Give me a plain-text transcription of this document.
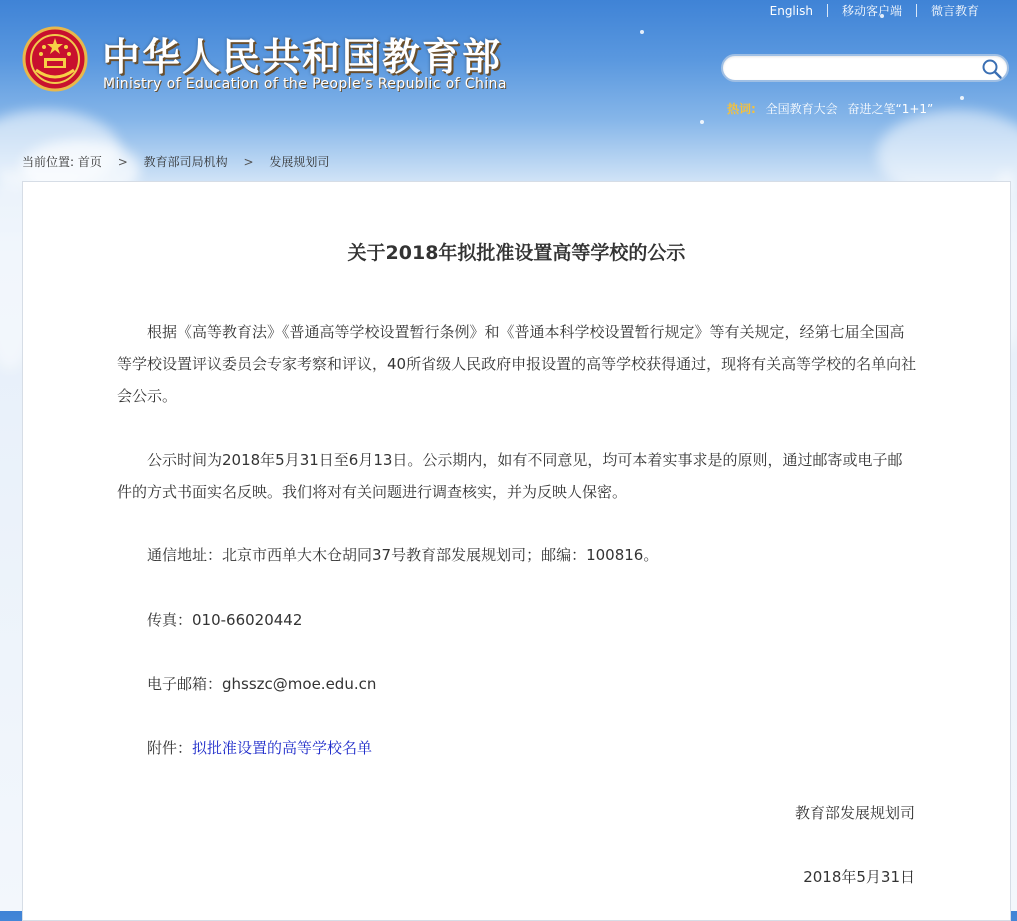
English	移动客户端	微言教育
中华人民共和国教育部
Ministry of Education of the People's Republic of China
热词: 全国教育大会 奋进之笔“1+1”
当前位置: 首页 > 教育部司局机构 > 发展规划司
关于2018年拟批准设置高等学校的公示
根据《高等教育法》《普通高等学校设置暂行条例》和《普通本科学校设置暂行规定》等有关规定，经第七届全国高等学校设置评议委员会专家考察和评议，40所省级人民政府申报设置的高等学校获得通过，现将有关高等学校的名单向社会公示。
公示时间为2018年5月31日至6月13日。公示期内，如有不同意见，均可本着实事求是的原则，通过邮寄或电子邮件的方式书面实名反映。我们将对有关问题进行调查核实，并为反映人保密。
通信地址：北京市西单大木仓胡同37号教育部发展规划司；邮编：100816。
传真：010-66020442
电子邮箱：ghsszc@moe.edu.cn
附件：拟批准设置的高等学校名单
教育部发展规划司
2018年5月31日
